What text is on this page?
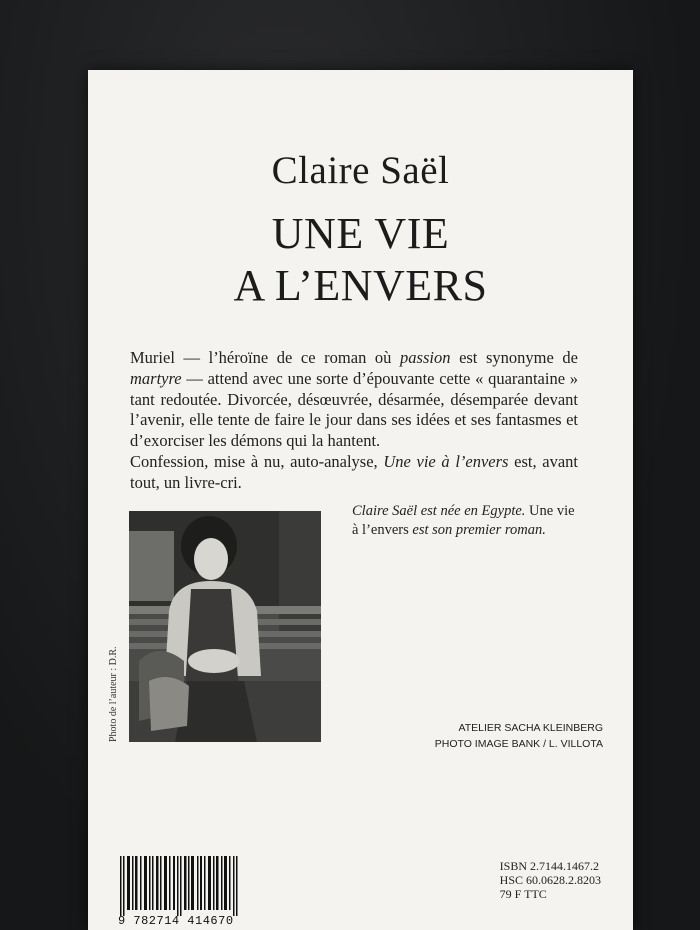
Claire Saël
UNE VIE
A L’ENVERS

Muriel — l’héroïne de ce roman où passion est synonyme de martyre — attend avec une sorte d’épouvante cette « quarantaine » tant redoutée. Divorcée, désœuvrée, désarmée, désemparée devant l’avenir, elle tente de faire le jour dans ses idées et ses fantasmes et d’exorciser les démons qui la hantent.

Confession, mise à nu, auto-analyse, Une vie à l’envers est, avant tout, un livre-cri.

Claire Saël est née en Egypte. Une vie à l’envers est son premier roman.
Photo de l’auteur : D.R.	ATELIER SACHA KLEINBERG
PHOTO IMAGE BANK / L. VILLOTA
9 782714 414670
ISBN 2.7144.1467.2
HSC 60.0628.2.8203
79 F TTC
